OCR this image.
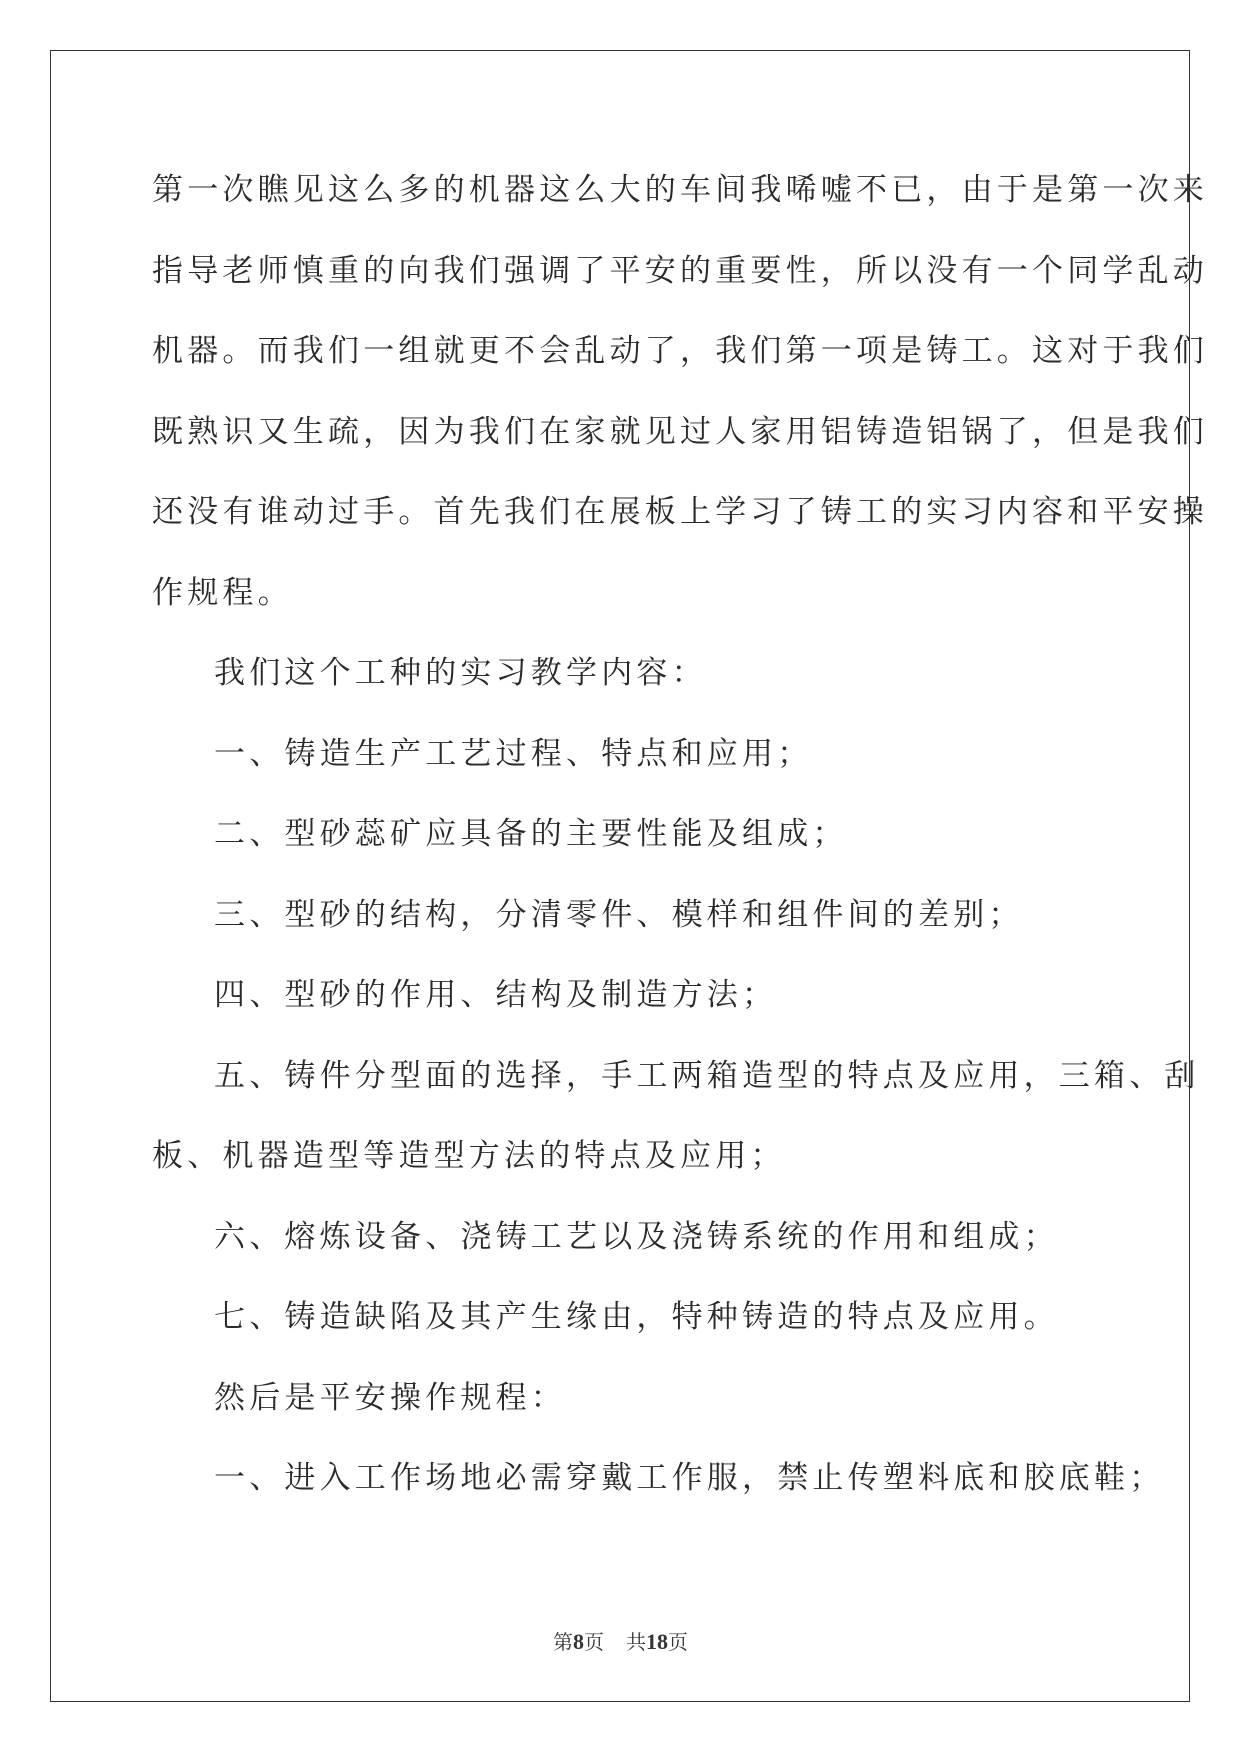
第一次瞧见这么多的机器这么大的车间我唏嘘不已，由于是第一次来
指导老师慎重的向我们强调了平安的重要性，所以没有一个同学乱动
机器。而我们一组就更不会乱动了，我们第一项是铸工。这对于我们
既熟识又生疏，因为我们在家就见过人家用铝铸造铝锅了，但是我们
还没有谁动过手。首先我们在展板上学习了铸工的实习内容和平安操
作规程。
我们这个工种的实习教学内容：
一、铸造生产工艺过程、特点和应用；
二、型砂蕊矿应具备的主要性能及组成；
三、型砂的结构，分清零件、模样和组件间的差别；
四、型砂的作用、结构及制造方法；
五、铸件分型面的选择，手工两箱造型的特点及应用，三箱、刮
板、机器造型等造型方法的特点及应用；
六、熔炼设备、浇铸工艺以及浇铸系统的作用和组成；
七、铸造缺陷及其产生缘由，特种铸造的特点及应用。
然后是平安操作规程：
一、进入工作场地必需穿戴工作服，禁止传塑料底和胶底鞋；
第8页 共18页
